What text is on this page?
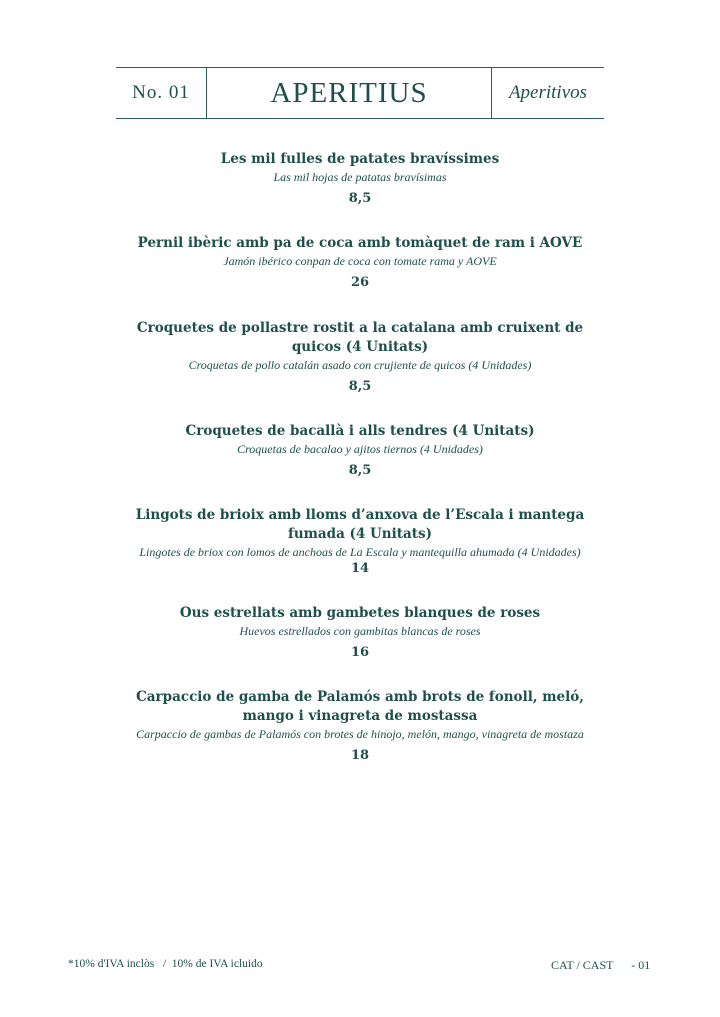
No. 01	APERITIUS	Aperitivos
Les mil fulles de patates bravíssimes
Las mil hojas de patatas bravísimas
8,5
Pernil ibèric amb pa de coca amb tomàquet de ram i AOVE
Jamón ibérico conpan de coca con tomate rama y AOVE
26
Croquetes de pollastre rostit a la catalana amb cruixent de
quicos (4 Unitats)
Croquetas de pollo catalán asado con crujiente de quicos (4 Unidades)
8,5
Croquetes de bacallà i alls tendres (4 Unitats)
Croquetas de bacalao y ajitos tiernos (4 Unidades)
8,5
Lingots de brioix amb lloms d’anxova de l’Escala i mantega
fumada (4 Unitats)
Lingotes de briox con lomos de anchoas de La Escala y mantequilla ahumada (4 Unidades)
14
Ous estrellats amb gambetes blanques de roses
Huevos estrellados con gambitas blancas de roses
16
Carpaccio de gamba de Palamós amb brots de fonoll, meló,
mango i vinagreta de mostassa
Carpaccio de gambas de Palamós con brotes de hinojo, melón, mango, vinagreta de mostaza
18
*10% d'IVA inclòs   /  10% de IVA icluido	CAT / CAST - 01
